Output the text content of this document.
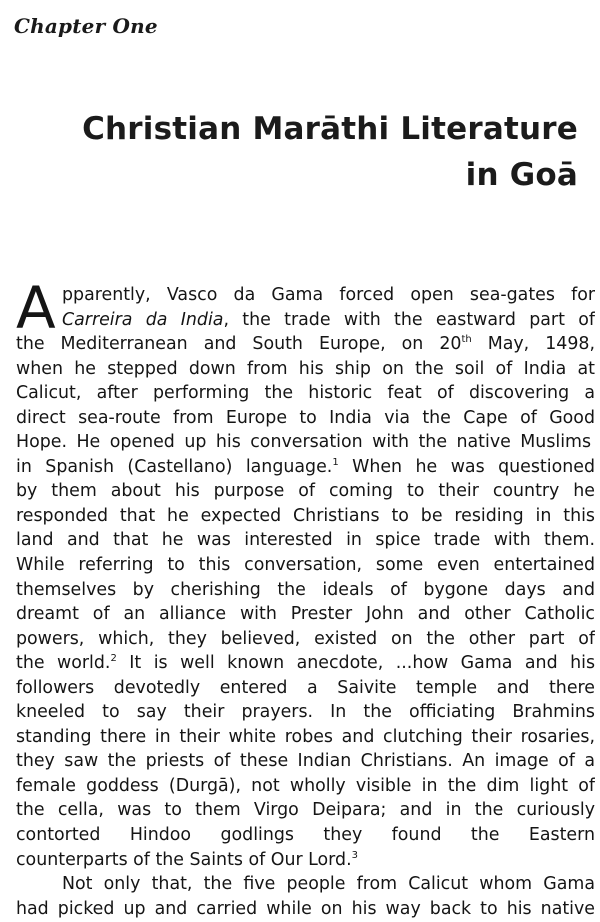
Chapter One
Christian Marāthi Literature
in Goā
A pparently, Vasco da Gama forced open sea-gates for
Carreira da India, the trade with the eastward part of
the Mediterranean and South Europe, on 20th May, 1498,
when he stepped down from his ship on the soil of India at
Calicut, after performing the historic feat of discovering a
direct sea-route from Europe to India via the Cape of Good
Hope. He opened up his conversation with the native Muslims
in Spanish (Castellano) language.$^1$ When he was questioned
by them about his purpose of coming to their country he
responded that he expected Christians to be residing in this
land and that he was interested in spice trade with them.
While referring to this conversation, some even entertained
themselves by cherishing the ideals of bygone days and
dreamt of an alliance with Prester John and other Catholic
powers, which, they believed, existed on the other part of
the world.$^2$ It is well known anecdote, ...how Gama and his
followers devotedly entered a Saivite temple and there
kneeled to say their prayers. In the officiating Brahmins
standing there in their white robes and clutching their rosaries,
they saw the priests of these Indian Christians. An image of a
female goddess (Durgā), not wholly visible in the dim light of
the cella, was to them Virgo Deipara; and in the curiously
contorted Hindoo godlings they found the Eastern
counterparts of the Saints of Our Lord.$^3$
Not only that, the five people from Calicut whom Gama
had picked up and carried while on his way back to his native
